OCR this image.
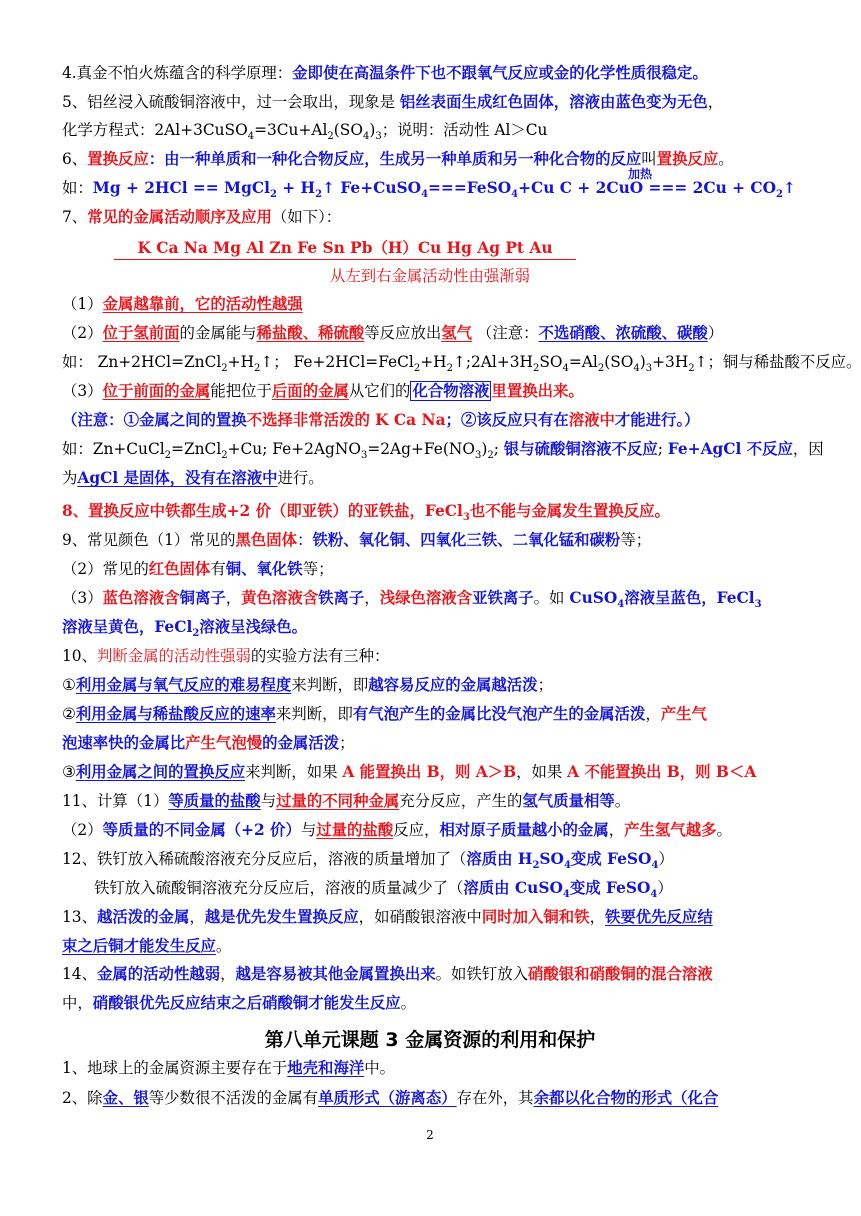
4.真金不怕火炼蕴含的科学原理：金即使在高温条件下也不跟氧气反应或金的化学性质很稳定。
5、铝丝浸入硫酸铜溶液中，过一会取出，现象是 铝丝表面生成红色固体，溶液由蓝色变为无色，
化学方程式：$2Al+3CuSO_4=3Cu+Al_2(SO_4)_3$；说明：活动性 Al＞Cu
6、置换反应：由一种单质和一种化合物反应，生成另一种单质和另一种化合物的反应叫置换反应。
如：Mg + 2HCl == MgCl$_2$ + $H_2↑$ Fe+CuSO$_4$===FeSO$_4$+Cu C + 2CuO === $2Cu + CO_2↑$
7、常见的金属活动顺序及应用（如下）：
加热
K Ca Na Mg Al Zn Fe Sn Pb（H）Cu Hg Ag Pt Au
从左到右金属活动性由强渐弱
（1）金属越靠前，它的活动性越强
（2）位于氢前面的金属能与稀盐酸、稀硫酸等反应放出氢气 （注意：不选硝酸、浓硫酸、碳酸）
如： $Zn+2HCl=ZnCl_2+H_2↑$； $Fe+2HCl=FeCl_2+H_2↑;2Al+3H_2SO_4=Al_2(SO_4)_3+3H_2↑$；铜与稀盐酸不反应。
（3）位于前面的金属能把位于后面的金属从它们的 化合物溶液 里置换出来。
（注意：①金属之间的置换不选择非常活泼的 K Ca Na；②该反应只有在溶液中才能进行。）
如：Zn+CuCl$_2$=ZnCl$_2$+Cu; $Fe+2AgNO_3=2Ag+Fe(NO_3)_2$; 银与硫酸铜溶液不反应; Fe+AgCl 不反应，因
为AgCl 是固体，没有在溶液中进行。
8、置换反应中铁都生成+2 价（即亚铁）的亚铁盐，FeCl$_3$也不能与金属发生置换反应。
9、常见颜色（1）常见的黑色固体：铁粉、氧化铜、四氧化三铁、二氧化锰和碳粉等；
（2）常见的红色固体有铜、氧化铁等；
（3）蓝色溶液含铜离子，黄色溶液含铁离子，浅绿色溶液含亚铁离子。如 CuSO$_4$溶液呈蓝色，FeCl$_3$
溶液呈黄色，FeCl$_2$溶液呈浅绿色。
10、判断金属的活动性强弱的实验方法有三种：
①利用金属与氧气反应的难易程度来判断，即越容易反应的金属越活泼；
②利用金属与稀盐酸反应的速率来判断，即有气泡产生的金属比没气泡产生的金属活泼，产生气
泡速率快的金属比产生气泡慢的金属活泼；
③利用金属之间的置换反应来判断，如果 A 能置换出 B，则 A＞B，如果 A 不能置换出 B，则 B＜A
11、计算（1）等质量的盐酸与过量的不同种金属充分反应，产生的氢气质量相等。
（2）等质量的不同金属（+2 价）与过量的盐酸反应，相对原子质量越小的金属，产生氢气越多。
12、铁钉放入稀硫酸溶液充分反应后，溶液的质量增加了（溶质由 $H_2SO_4$变成 FeSO$_4$）
铁钉放入硫酸铜溶液充分反应后，溶液的质量减少了（溶质由 CuSO$_4$变成 FeSO$_4$）
13、越活泼的金属，越是优先发生置换反应，如硝酸银溶液中同时加入铜和铁，铁要优先反应结
束之后铜才能发生反应。
14、金属的活动性越弱，越是容易被其他金属置换出来。如铁钉放入硝酸银和硝酸铜的混合溶液
中，硝酸银优先反应结束之后硝酸铜才能发生反应。
第八单元课题 3 金属资源的利用和保护
1、地球上的金属资源主要存在于地壳和海洋中。
2、除金、银等少数很不活泼的金属有单质形式（游离态）存在外，其余都以化合物的形式（化合
2
